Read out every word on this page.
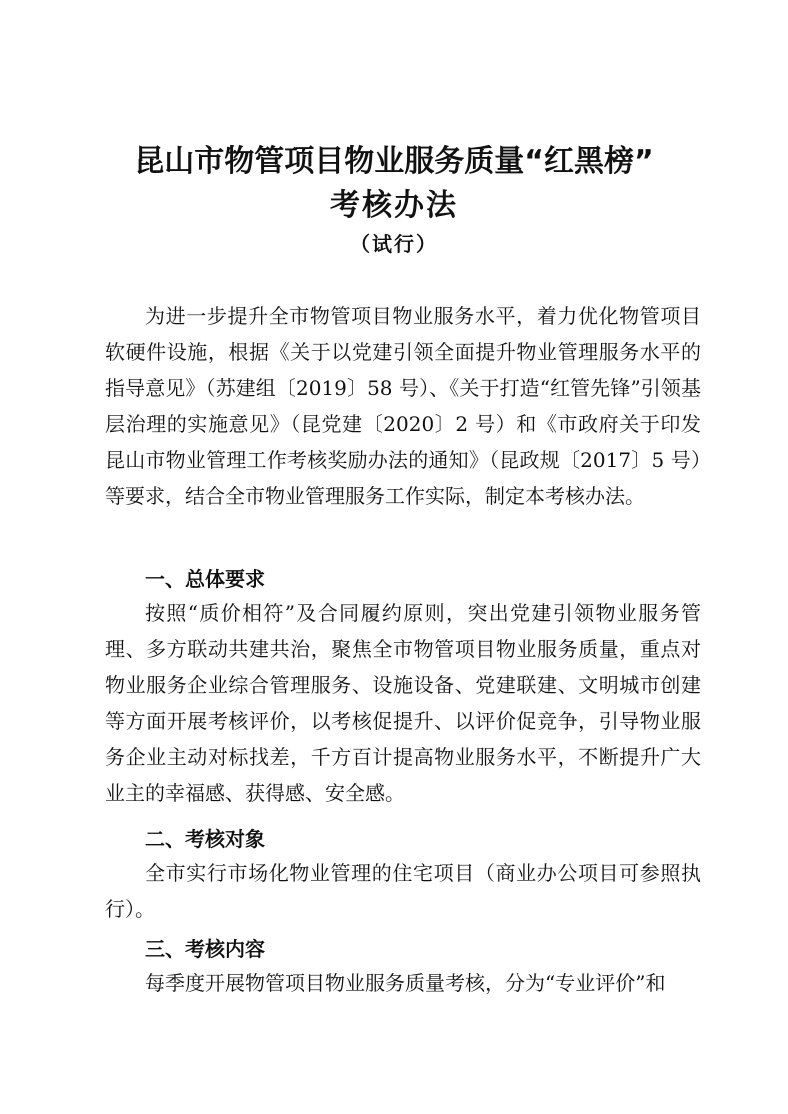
昆山市物管项目物业服务质量“红黑榜”
考核办法
（试行）
为进一步提升全市物管项目物业服务水平，着力优化物管项目软硬件设施，根据《关于以党建引领全面提升物业管理服务水平的指导意见》（苏建组〔2019〕58 号）、《关于打造“红管先锋”引领基层治理的实施意见》（昆党建〔2020〕2 号）和《市政府关于印发昆山市物业管理工作考核奖励办法的通知》（昆政规〔2017〕5 号）等要求，结合全市物业管理服务工作实际，制定本考核办法。
一、总体要求
按照“质价相符”及合同履约原则，突出党建引领物业服务管理、多方联动共建共治，聚焦全市物管项目物业服务质量，重点对物业服务企业综合管理服务、设施设备、党建联建、文明城市创建等方面开展考核评价，以考核促提升、以评价促竞争，引导物业服务企业主动对标找差，千方百计提高物业服务水平，不断提升广大业主的幸福感、获得感、安全感。
二、考核对象
全市实行市场化物业管理的住宅项目（商业办公项目可参照执行）。
三、考核内容
每季度开展物管项目物业服务质量考核，分为“专业评价”和
